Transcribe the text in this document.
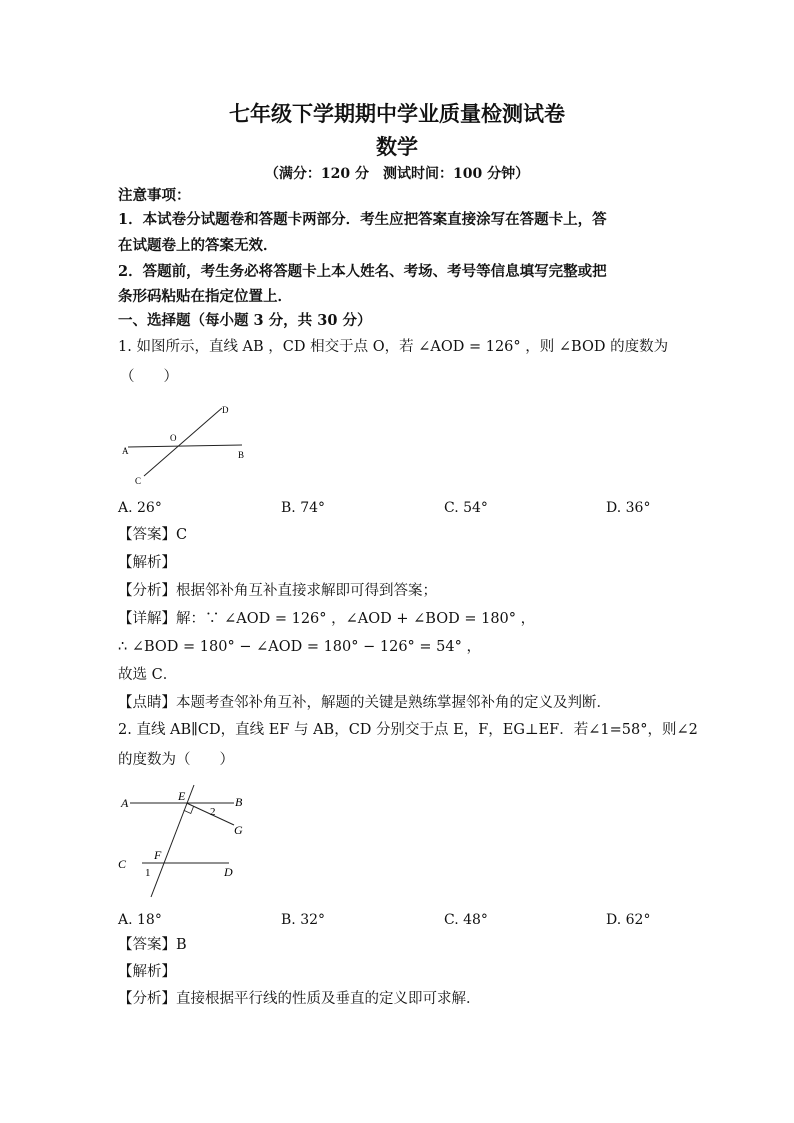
七年级下学期期中学业质量检测试卷
数学
（满分：120 分　测试时间：100 分钟）
注意事项：
1．本试卷分试题卷和答题卡两部分．考生应把答案直接涂写在答题卡上，答
在试题卷上的答案无效．
2．答题前，考生务必将答题卡上本人姓名、考场、考号等信息填写完整或把
条形码粘贴在指定位置上．
一、选择题（每小题 3 分，共 30 分）
1. 如图所示，直线 AB ，CD 相交于点 O，若 ∠AOD = 126° ，则 ∠BOD 的度数为
（　　）
A	B
C
D
O
A. 26°	B. 74°	C. 54°	D. 36°
【答案】C
【解析】
【分析】根据邻补角互补直接求解即可得到答案；
【详解】解：∵ ∠AOD = 126° ，∠AOD + ∠BOD = 180° ，
∴ ∠BOD = 180° − ∠AOD = 180° − 126° = 54° ，
故选 C．
【点睛】本题考查邻补角互补，解题的关键是熟练掌握邻补角的定义及判断．
2. 直线 AB∥CD，直线 EF 与 AB，CD 分别交于点 E，F，EG⊥EF．若∠1=58°，则∠2
的度数为（　　）
A	B
C
D
E
F
G
1
2
A. 18°	B. 32°	C. 48°	D. 62°
【答案】B
【解析】
【分析】直接根据平行线的性质及垂直的定义即可求解．
